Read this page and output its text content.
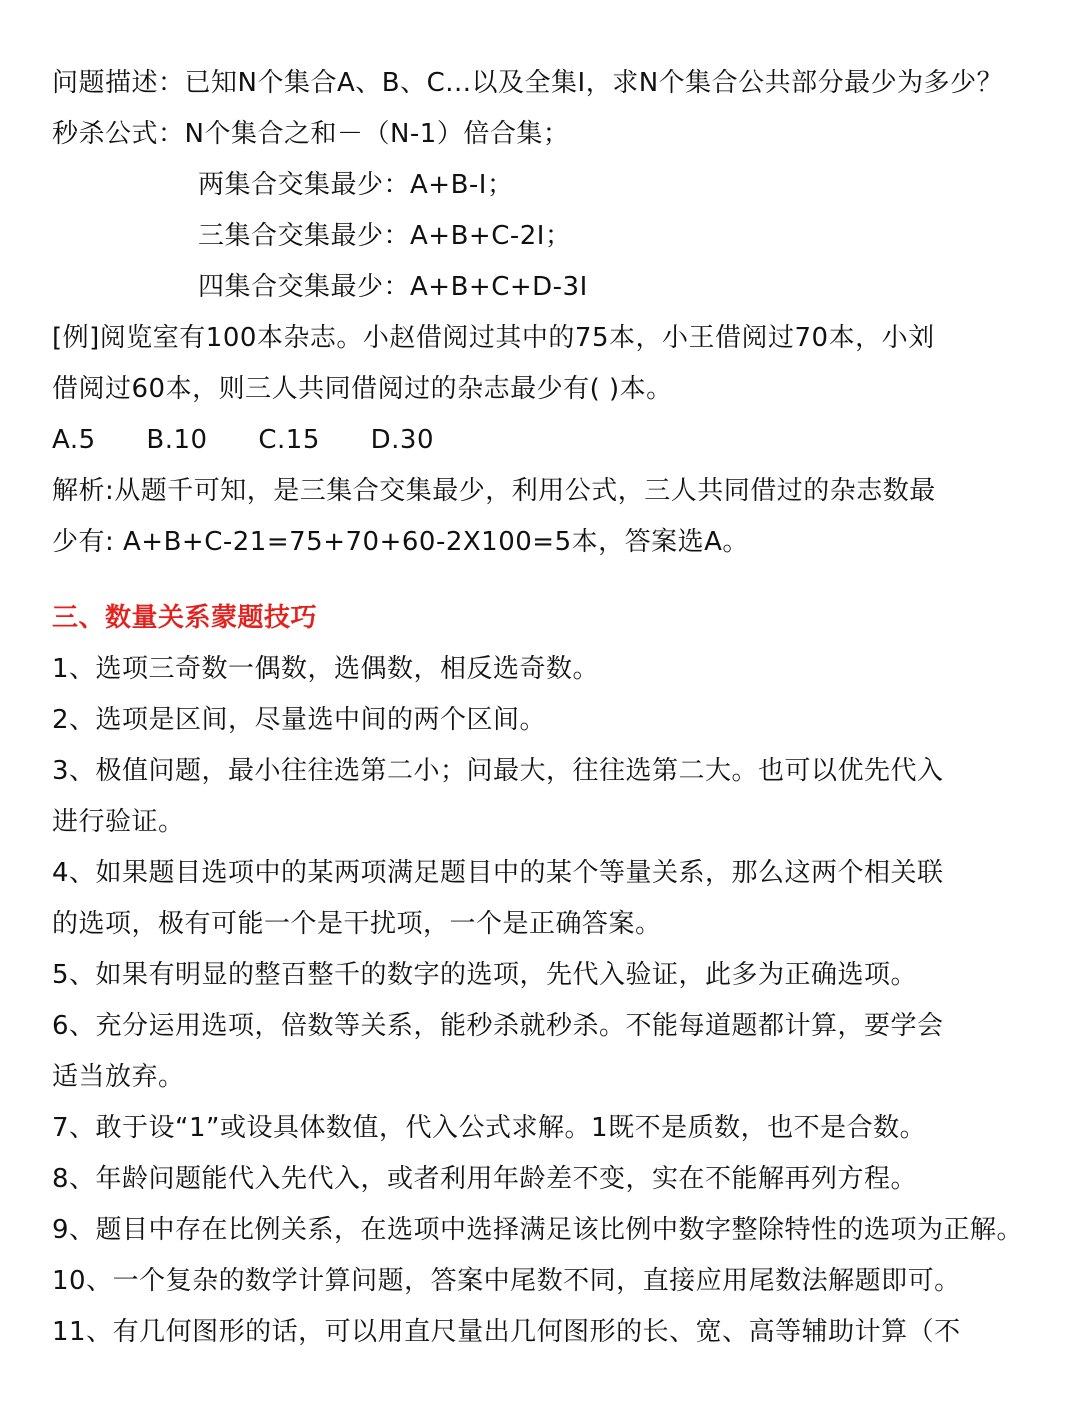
问题描述：已知N个集合A、B、C...以及全集I，求N个集合公共部分最少为多少？
秒杀公式：N个集合之和－（N-1）倍合集；
两集合交集最少：A+B-I；
三集合交集最少：A+B+C-2I；
四集合交集最少：A+B+C+D-3I
[例]阅览室有100本杂志。小赵借阅过其中的75本，小王借阅过70本，小刘
借阅过60本，则三人共同借阅过的杂志最少有( )本。
A.5 B.10 C.15 D.30
解析:从题千可知，是三集合交集最少，利用公式，三人共同借过的杂志数最
少有: A+B+C-21=75+70+60-2X100=5本，答案选A。
三、数量关系蒙题技巧
1、选项三奇数一偶数，选偶数，相反选奇数。
2、选项是区间，尽量选中间的两个区间。
3、极值问题，最小往往选第二小；问最大，往往选第二大。也可以优先代入
进行验证。
4、如果题目选项中的某两项满足题目中的某个等量关系，那么这两个相关联
的选项，极有可能一个是干扰项，一个是正确答案。
5、如果有明显的整百整千的数字的选项，先代入验证，此多为正确选项。
6、充分运用选项，倍数等关系，能秒杀就秒杀。不能每道题都计算，要学会
适当放弃。
7、敢于设“1”或设具体数值，代入公式求解。1既不是质数，也不是合数。
8、年龄问题能代入先代入，或者利用年龄差不变，实在不能解再列方程。
9、题目中存在比例关系，在选项中选择满足该比例中数字整除特性的选项为正解。
10、一个复杂的数学计算问题，答案中尾数不同，直接应用尾数法解题即可。
11、有几何图形的话，可以用直尺量出几何图形的长、宽、高等辅助计算（不
